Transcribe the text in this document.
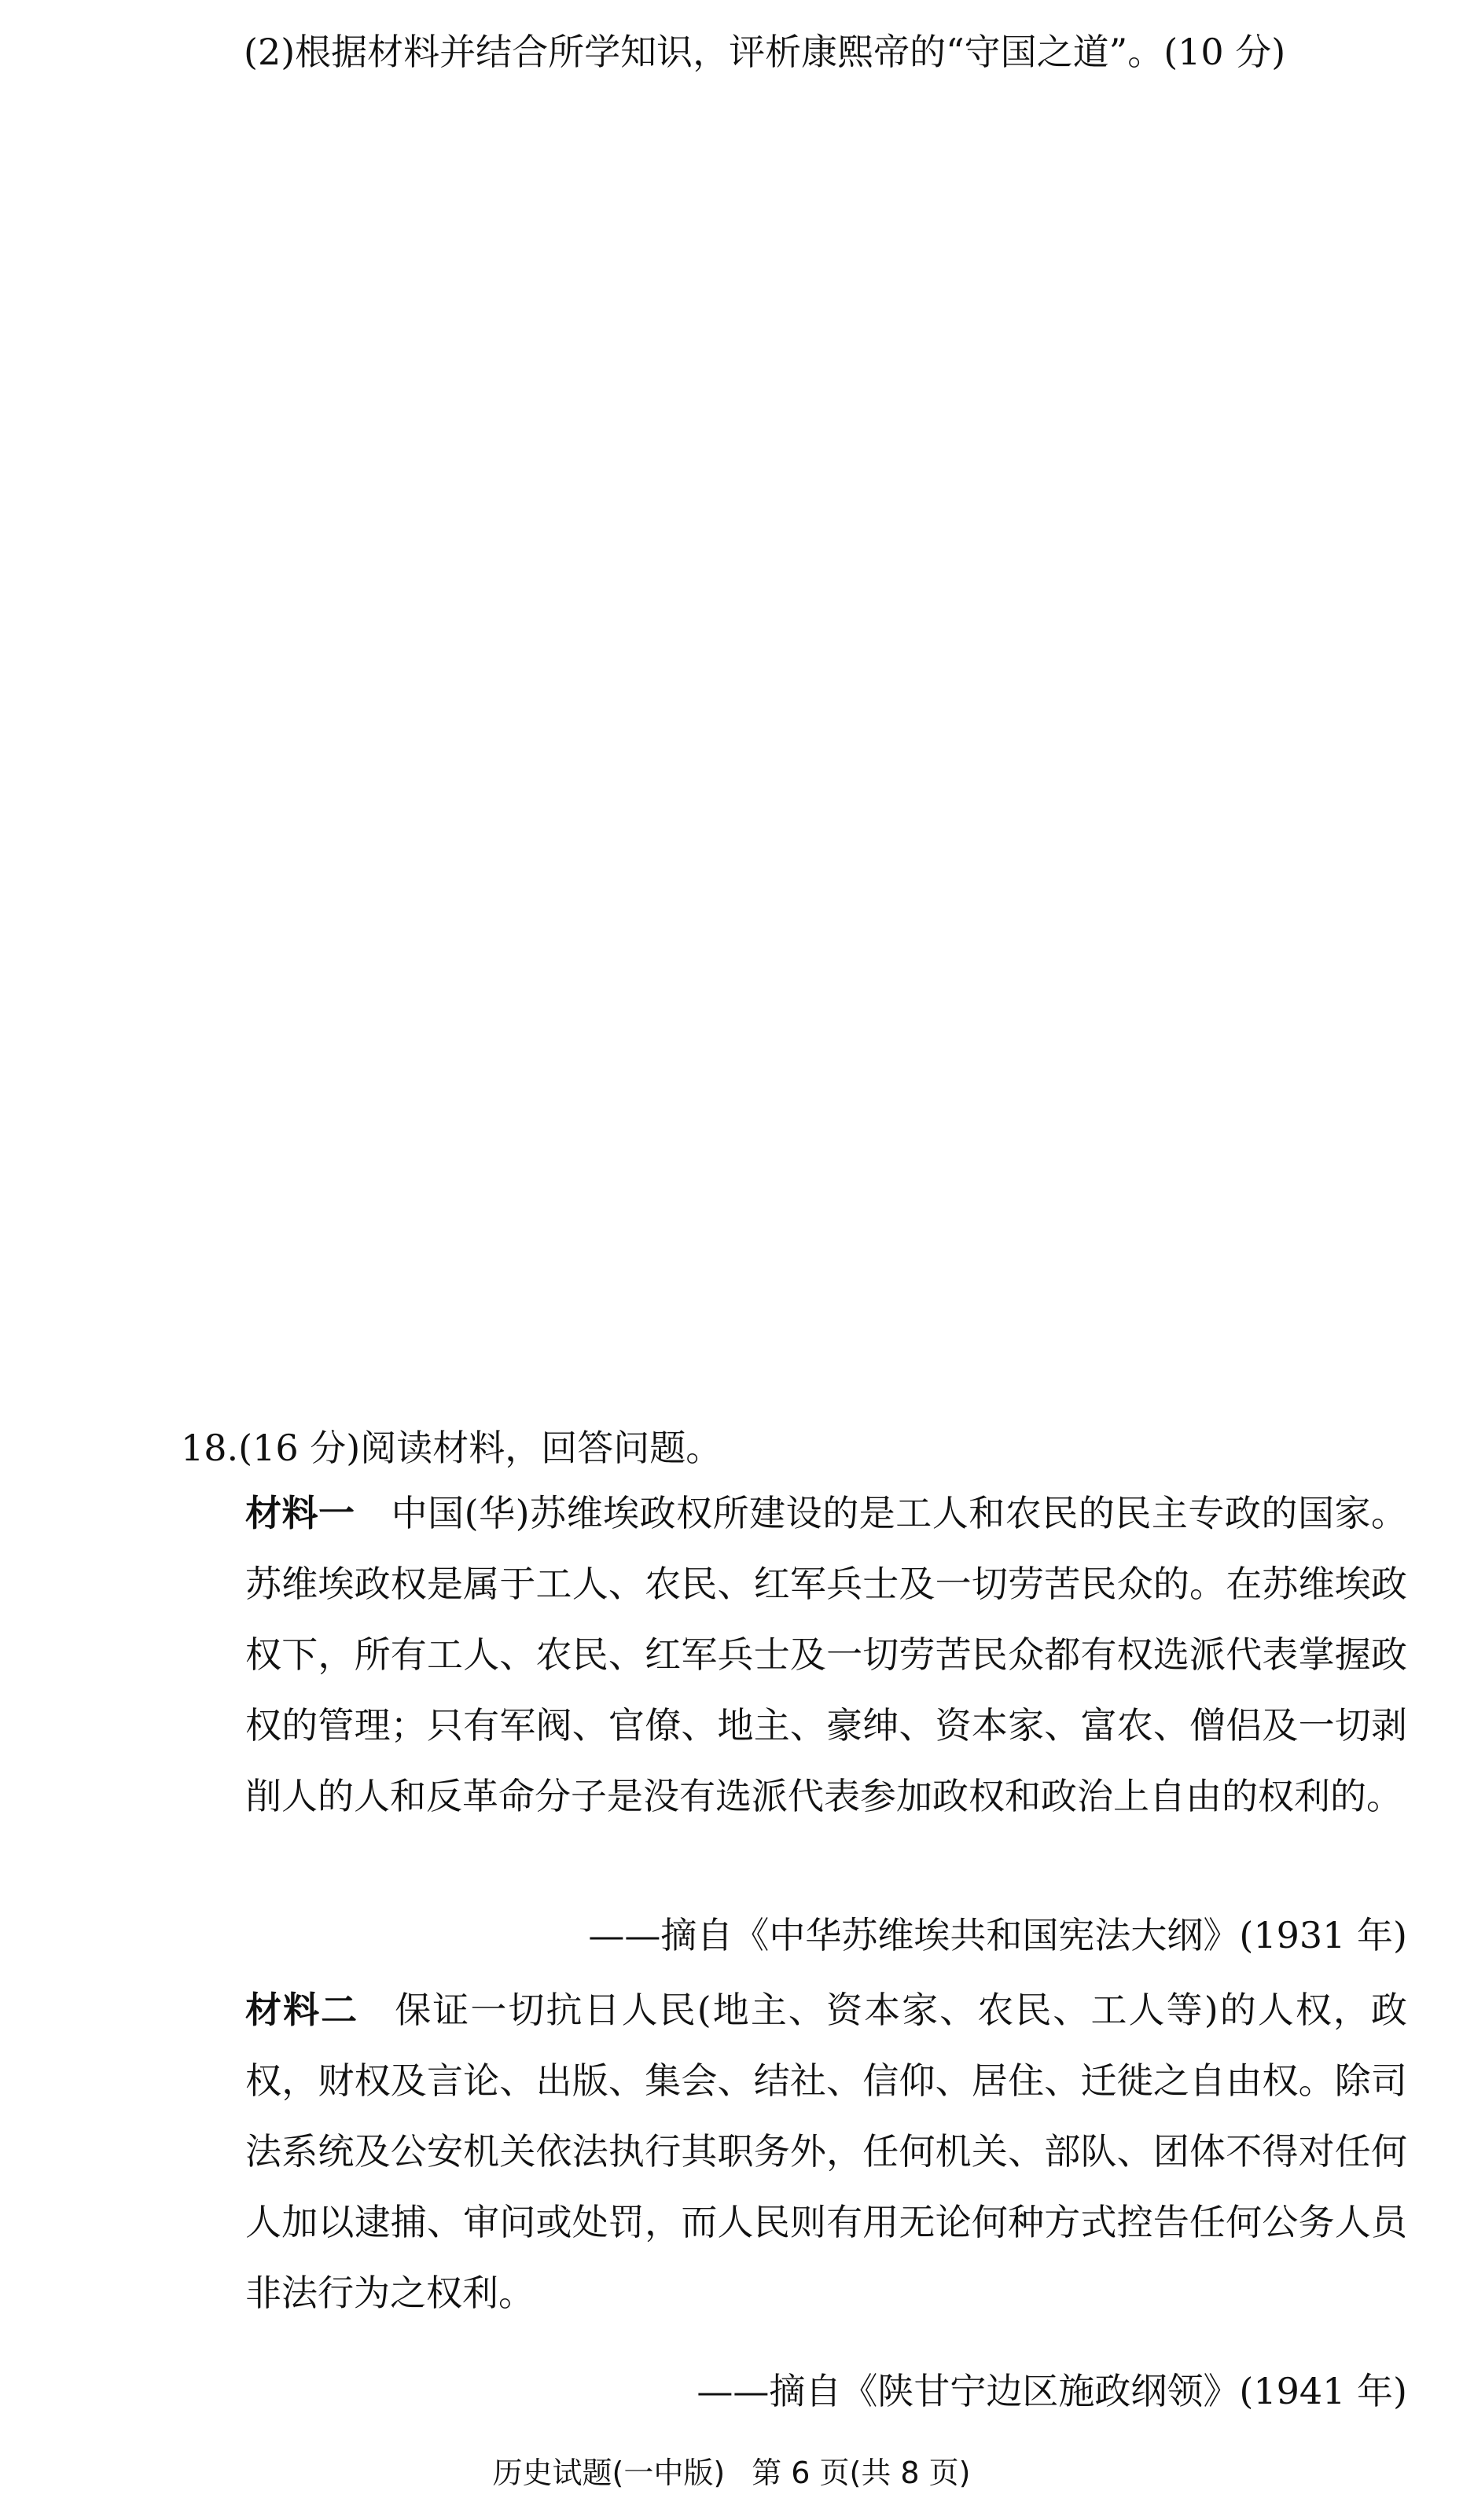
(2)根据材料并结合所学知识，评析康熙帝的“守国之道”。(10 分)
18.(16 分)阅读材料，回答问题。
材料一 中国(华)苏维埃政权所建设的是工人和农民的民主专政的国家。苏维埃政权是属于工人、农民、红军兵士及一切劳苦民众的。在苏维埃政权下，所有工人、农民、红军兵士及一切劳苦民众都有权选派代表掌握政权的管理；只有军阀、官僚、地主、豪绅、资本家、富农、僧侣及一切剥削人的人和反革命分子是没有选派代表参加政权和政治上自由的权利的。
——摘自《中华苏维埃共和国宪法大纲》(1931 年)
材料二 保证一切抗日人民(地主、资本家、农民、工人等)的人权，政权，财权及言论、出版、集会、结社、信仰、居住、迁徙之自由权。除司法系统及公安机关依法执行其职务外，任何机关、部队、团体不得对任何人加以逮捕、审问或处罚，而人民则有用无论何种方式控告任何公务人员非法行为之权利。
——摘自《陕甘宁边区施政纲领》(1941 年)
历史试题(一中版) 第 6 页(共 8 页)
